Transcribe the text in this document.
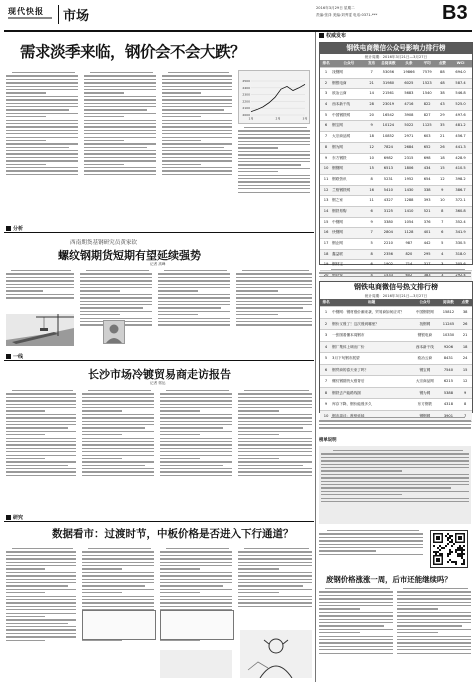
现代快报 市场
2016年3月29日 星期二
责编:张泽 美编:刘秀雯 电话:0371-***	B3
需求淡季来临，钢价会不会大跌？
2500
2400
2300
2200
2100
2000
1月	2月	3月
分析
西南期货基钢研究员黄家钦
螺纹钢期货短期有望延续强势
记者 高峰
一线
长沙市场冷镀贸易商走访报告
记者 郭运
研究
数据看市：过渡时节，中板价格是否进入下行通道？
权威发布
钢铁电商微信公众号影响力排行榜
统计周期：2016年3月21日—3月27日
排名	公众号	发布	总阅读数	头条	平均	点赞	WCI
1	找钢网	7	53056	19866	7579	88	694.0
2	钢银电商	21	31980	6025	1523	48	587.4
3	欧冶云商	14	21561	5683	1540	38	546.8
4	西本新干线	28	23019	4716	822	43	525.0
5	中国钢铁网	20	16542	3908	827	29	497.6
6	钢宝网	9	10124	5022	1125	35	481.2
7	大宗商品网	18	10852	2971	603	21	456.7
8	钢为网	12	7824	2684	652	26	441.3
9	东方钢铁	10	6982	2315	698	18	428.9
10	钢钢网	15	6513	1806	434	15	410.5
11	钢联资讯	8	5231	1952	654	12	398.2
12	兰格钢铁网	16	5410	1430	338	9	386.7
13	钢之家	11	4327	1288	393	10	372.1
14	钢铁易购	6	3125	1410	521	8	360.8
15	中钢网	9	3380	1054	376	7	352.4
16	快钢网	7	2804	1128	401	6	341.9
17	钢企网	5	2210	987	442	5	330.5
18	鑫益联	8	2356	820	295	4	318.0
19	钢材宝	6	1902	714	317	3	305.6
钢铁电商微信号热文排行榜
统计周期：2016年3月21日—3月27日
排名	标题	公众号	阅读数	点赞
1	中钢网：钢材涨价潮来袭，贸易商如何应对？	中国钢铁网	15812	38
2	钢价又涨了！这次涨到哪里？	找钢网	11245	26
3	一张图看懂本周钢市	钢银电商	10330	21
4	钢厂集体上调出厂价	西本新干线	9206	18
5	3月下旬钢市展望	欧冶云商	8431	24
6	钢贸商的春天来了吗？	钢宝网	7540	15
7	螺纹钢期货大涨背后	大宗商品网	6215	12
8	钢铁去产能路线图	钢为网	5388	9
9	库存下降，钢价能涨多久	东方钢铁	4318	8
10	钢市周评：涨势延续	钢钢网	3901	7
榜单说明
废钢价格涨涨一周，后市还能继续吗？
